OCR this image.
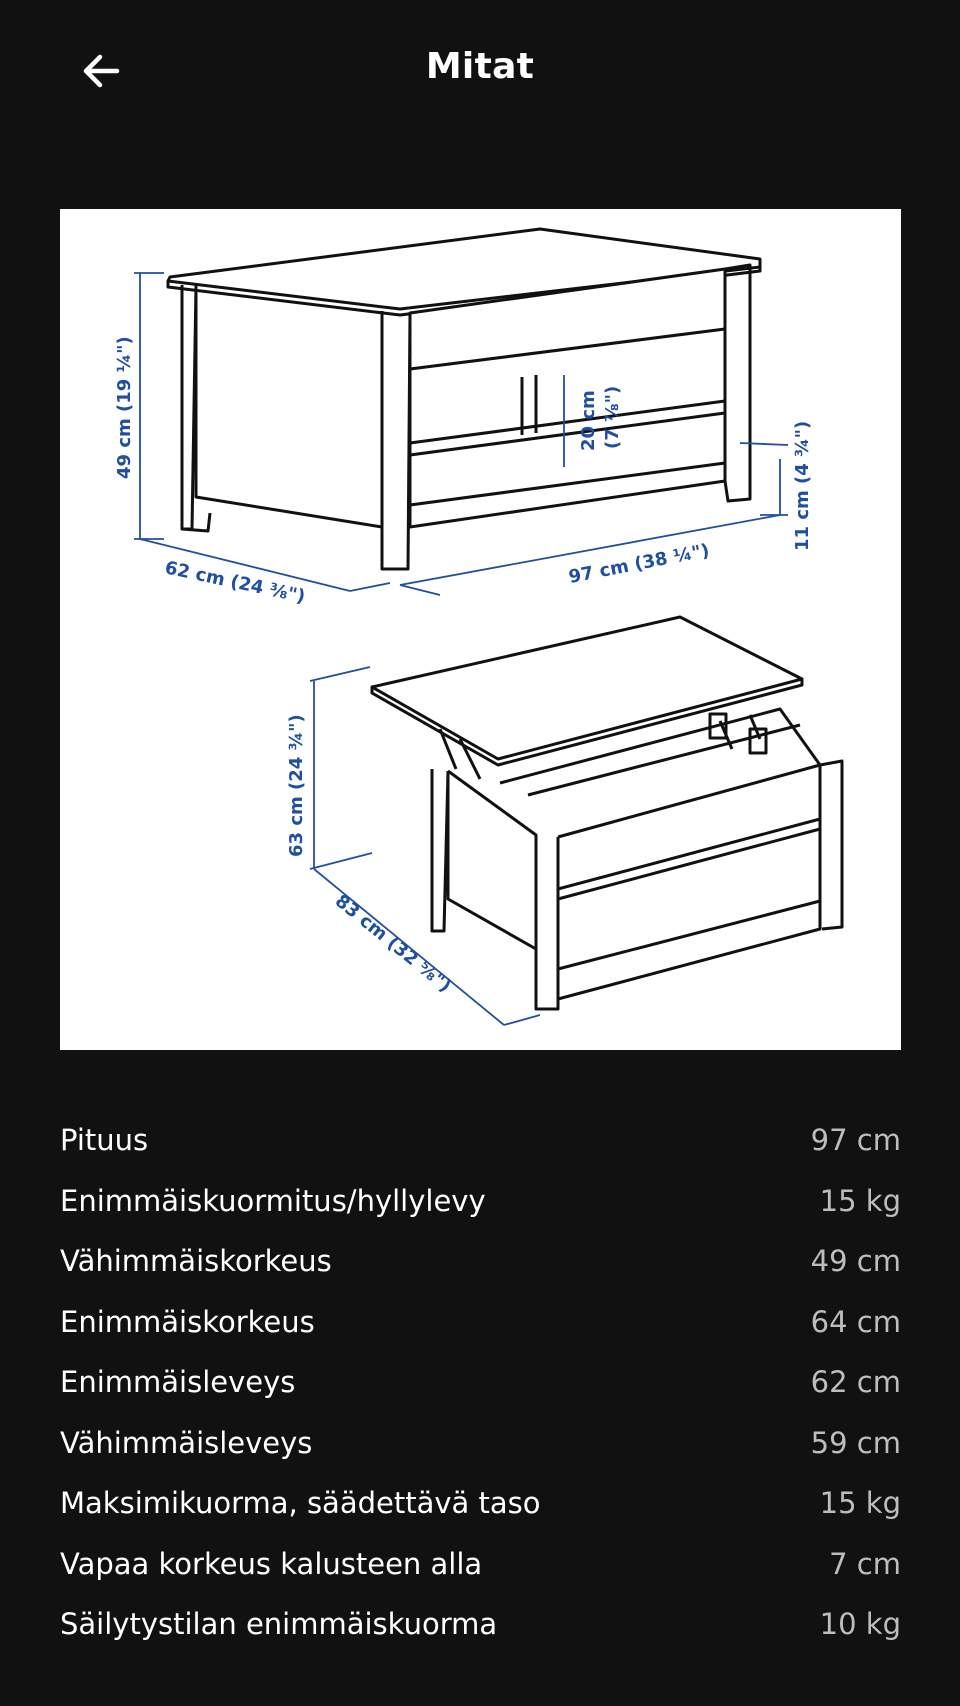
Mitat
49 cm (19 ¼")	20 cm (7 ⅞")
11 cm (4 ¾")
62 cm (24 ⅜")	97 cm (38 ¼")
63 cm (24 ¾")
83 cm (32 ⅝")
Pituus	97 cm
Enimmäiskuormitus/hyllylevy	15 kg
Vähimmäiskorkeus	49 cm
Enimmäiskorkeus	64 cm
Enimmäisleveys	62 cm
Vähimmäisleveys	59 cm
Maksimikuorma, säädettävä taso	15 kg
Vapaa korkeus kalusteen alla	7 cm
Säilytystilan enimmäiskuorma	10 kg
